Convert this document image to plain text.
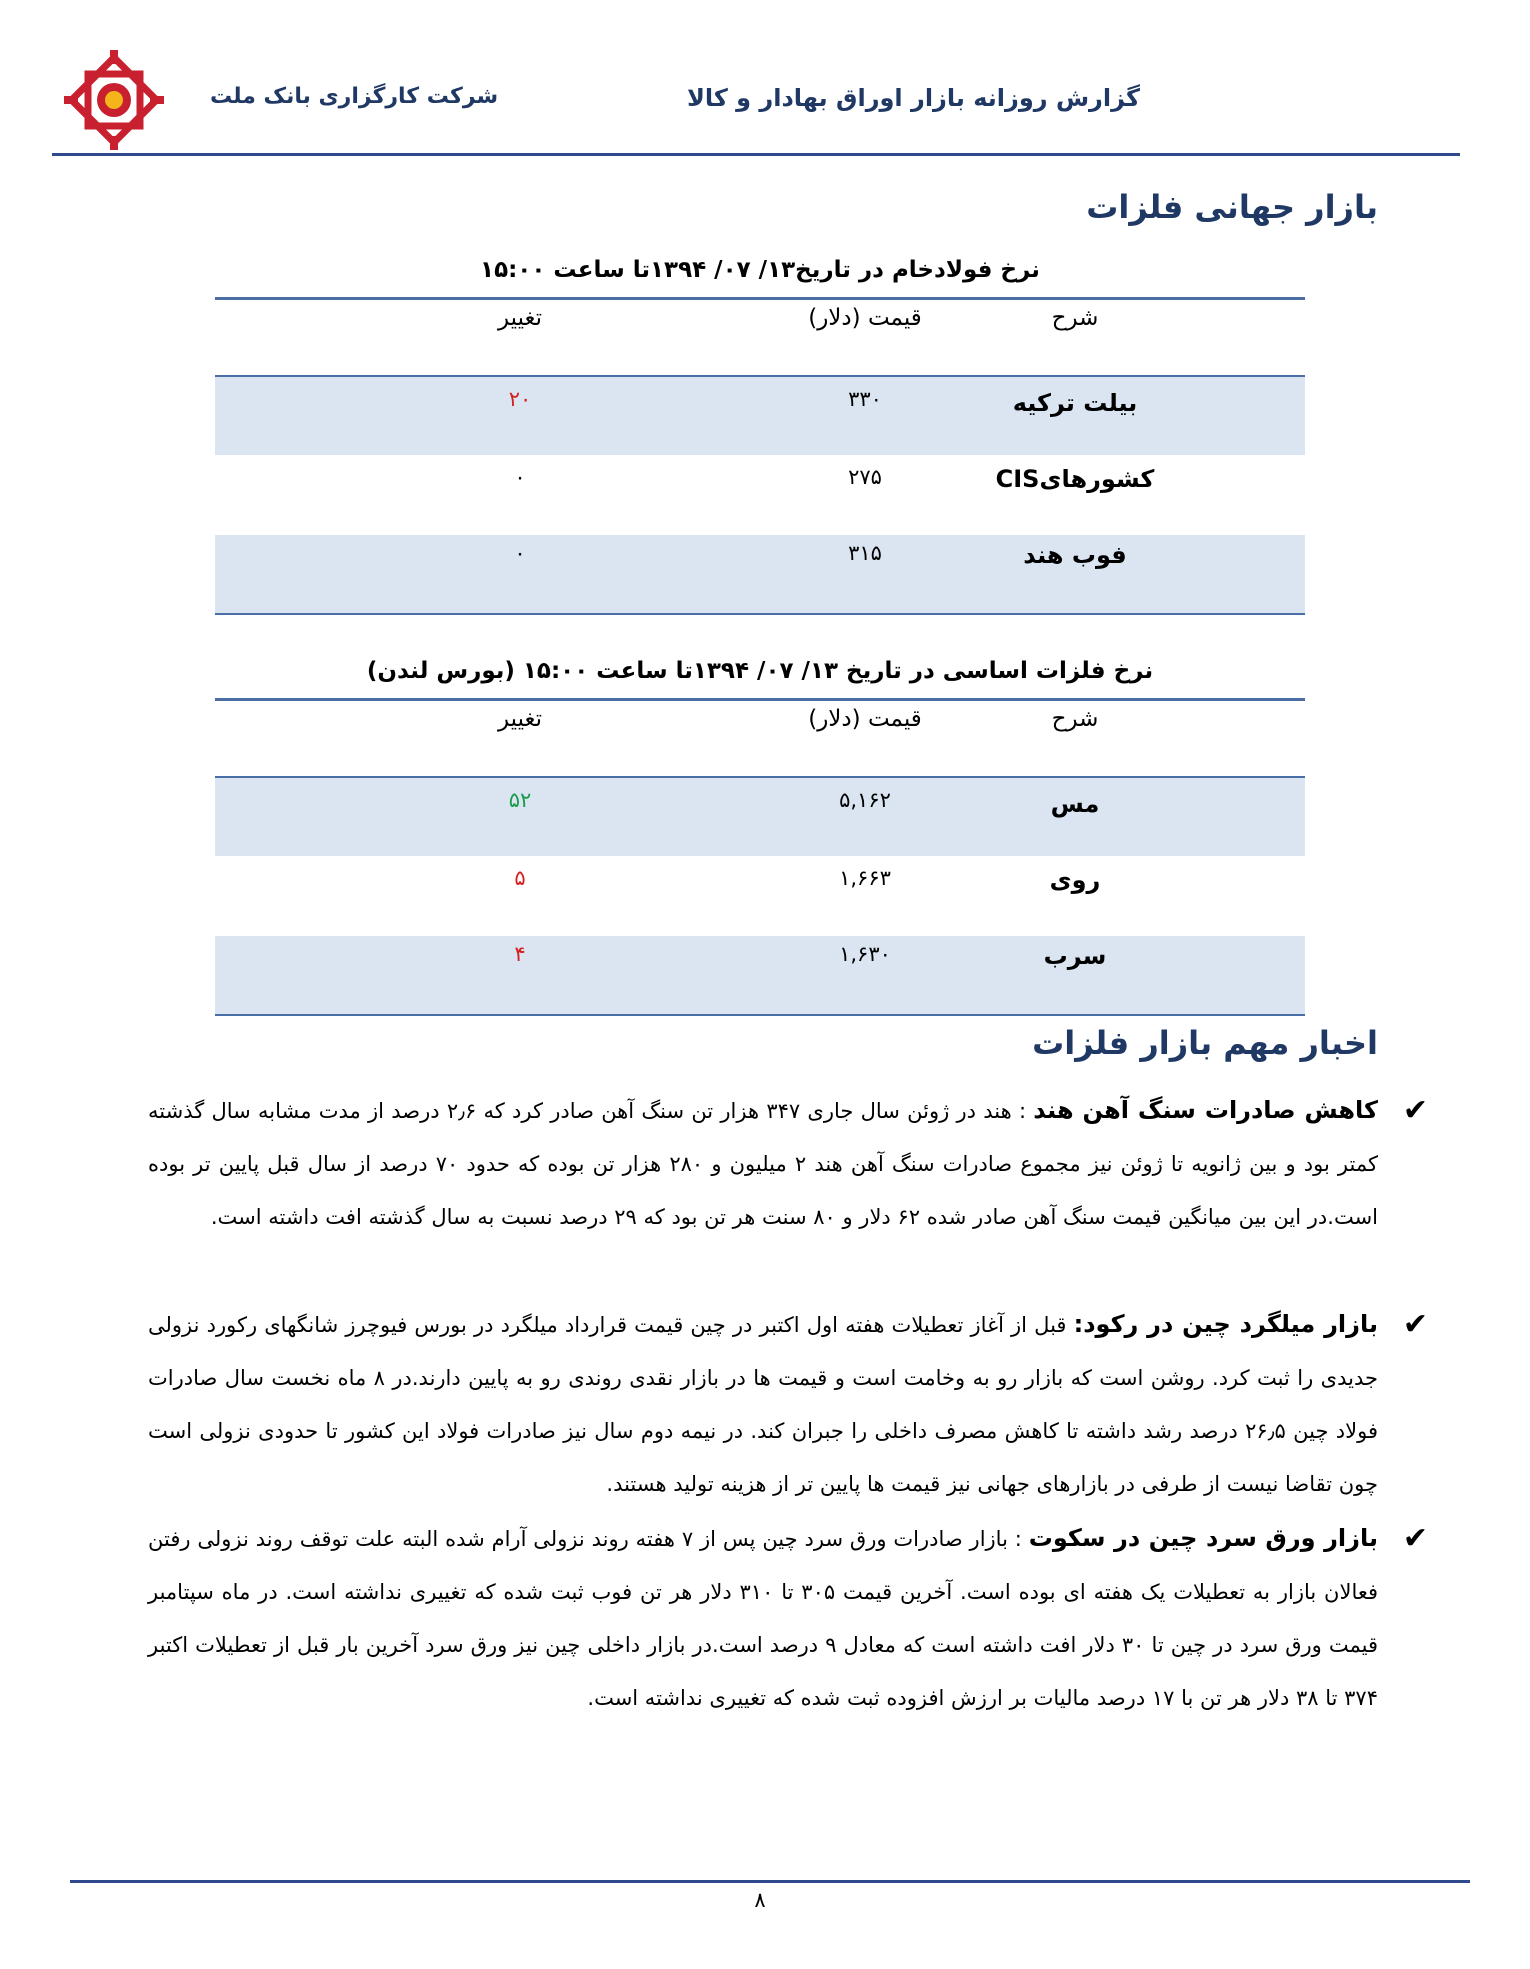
شرکت کارگزاری بانک ملت	گزارش روزانه بازار اوراق بهادار و کالا
بازار جهانی فلزات
نرخ فولادخام در تاریخ۱۳/ ۰۷/ ۱۳۹۴تا ساعت ۱۵:۰۰
شرح
قیمت (دلار)
تغییر
بیلت ترکیه
۳۳۰
۲۰
کشورهایCIS
۲۷۵
۰
فوب هند
۳۱۵
۰
نرخ فلزات اساسی در تاریخ ۱۳/ ۰۷/ ۱۳۹۴تا ساعت ۱۵:۰۰ (بورس لندن)
شرح
قیمت (دلار)
تغییر
مس
۵,۱۶۲
۵۲
روی
۱,۶۶۳
۵
سرب
۱,۶۳۰
۴
اخبار مهم بازار فلزات
✔
کاهش صادرات سنگ آهن هند : هند در ژوئن سال جاری ۳۴۷ هزار تن سنگ آهن صادر کرد که ۲٫۶ درصد از مدت مشابه سال گذشته کمتر بود و بین ژانویه تا ژوئن نیز مجموع صادرات سنگ آهن هند ۲ میلیون و ۲۸۰ هزار تن بوده که حدود ۷۰ درصد از سال قبل پایین تر بوده است.در این بین میانگین قیمت سنگ آهن صادر شده ۶۲ دلار و ۸۰ سنت هر تن بود که ۲۹ درصد نسبت به سال گذشته افت داشته است.
✔
بازار میلگرد چین در رکود: قبل از آغاز تعطیلات هفته اول اکتبر در چین قیمت قرارداد میلگرد در بورس فیوچرز شانگهای رکورد نزولی جدیدی را ثبت کرد. روشن است که بازار رو به وخامت است و قیمت ها در بازار نقدی روندی رو به پایین دارند.در ۸ ماه نخست سال صادرات فولاد چین ۲۶٫۵ درصد رشد داشته تا کاهش مصرف داخلی را جبران کند. در نیمه دوم سال نیز صادرات فولاد این کشور تا حدودی نزولی است چون تقاضا نیست از طرفی در بازارهای جهانی نیز قیمت ها پایین تر از هزینه تولید هستند.
✔
بازار ورق سرد چین در سکوت : بازار صادرات ورق سرد چین پس از ۷ هفته روند نزولی آرام شده البته علت توقف روند نزولی رفتن فعالان بازار به تعطیلات یک هفته ای بوده است. آخرین قیمت ۳۰۵ تا ۳۱۰ دلار هر تن فوب ثبت شده که تغییری نداشته است. در ماه سپتامبر قیمت ورق سرد در چین تا ۳۰ دلار افت داشته است که معادل ۹ درصد است.در بازار داخلی چین نیز ورق سرد آخرین بار قبل از تعطیلات اکتبر ۳۷۴ تا ۳۸ دلار هر تن با ۱۷ درصد مالیات بر ارزش افزوده ثبت شده که تغییری نداشته است.
۸
